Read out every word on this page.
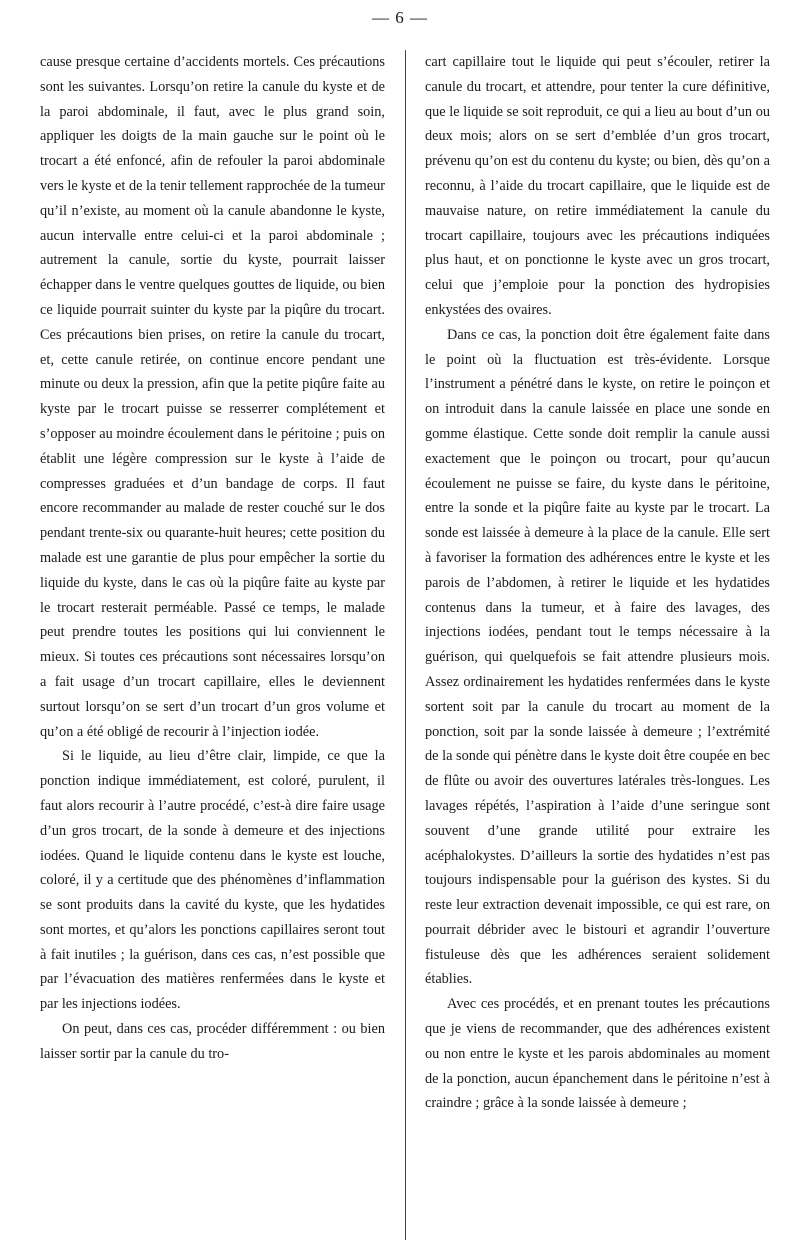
— 6 —

cause presque certaine d’accidents mortels. Ces précautions sont les suivantes. Lorsqu’on retire la canule du kyste et de la paroi abdominale, il faut, avec le plus grand soin, appliquer les doigts de la main gauche sur le point où le trocart a été enfoncé, afin de refouler la paroi abdominale vers le kyste et de la tenir tellement rapprochée de la tumeur qu’il n’existe, au moment où la canule abandonne le kyste, aucun intervalle entre celui-ci et la paroi abdominale ; autrement la canule, sortie du kyste, pourrait laisser échapper dans le ventre quelques gouttes de liquide, ou bien ce liquide pourrait suinter du kyste par la piqûre du trocart. Ces précautions bien prises, on retire la canule du trocart, et, cette canule retirée, on continue encore pendant une minute ou deux la pression, afin que la petite piqûre faite au kyste par le trocart puisse se resserrer complétement et s’opposer au moindre écoulement dans le péritoine ; puis on établit une légère compression sur le kyste à l’aide de compresses graduées et d’un bandage de corps. Il faut encore recommander au malade de rester couché sur le dos pendant trente-six ou quarante-huit heures; cette position du malade est une garantie de plus pour empêcher la sortie du liquide du kyste, dans le cas où la piqûre faite au kyste par le trocart resterait perméable. Passé ce temps, le malade peut prendre toutes les positions qui lui conviennent le mieux. Si toutes ces précautions sont nécessaires lorsqu’on a fait usage d’un trocart capillaire, elles le deviennent surtout lorsqu’on se sert d’un trocart d’un gros volume et qu’on a été obligé de recourir à l’injection iodée.

Si le liquide, au lieu d’être clair, limpide, ce que la ponction indique immédiatement, est coloré, purulent, il faut alors recourir à l’autre procédé, c’est-à dire faire usage d’un gros trocart, de la sonde à demeure et des injections iodées. Quand le liquide contenu dans le kyste est louche, coloré, il y a certitude que des phénomènes d’inflammation se sont produits dans la cavité du kyste, que les hydatides sont mortes, et qu’alors les ponctions capillaires seront tout à fait inutiles ; la guérison, dans ces cas, n’est possible que par l’évacuation des matières renfermées dans le kyste et par les injections iodées.

On peut, dans ces cas, procéder différemment : ou bien laisser sortir par la canule du tro-

cart capillaire tout le liquide qui peut s’écouler, retirer la canule du trocart, et attendre, pour tenter la cure définitive, que le liquide se soit reproduit, ce qui a lieu au bout d’un ou deux mois; alors on se sert d’emblée d’un gros trocart, prévenu qu’on est du contenu du kyste; ou bien, dès qu’on a reconnu, à l’aide du trocart capillaire, que le liquide est de mauvaise nature, on retire immédiatement la canule du trocart capillaire, toujours avec les précautions indiquées plus haut, et on ponctionne le kyste avec un gros trocart, celui que j’emploie pour la ponction des hydropisies enkystées des ovaires.

Dans ce cas, la ponction doit être également faite dans le point où la fluctuation est très-évidente. Lorsque l’instrument a pénétré dans le kyste, on retire le poinçon et on introduit dans la canule laissée en place une sonde en gomme élastique. Cette sonde doit remplir la canule aussi exactement que le poinçon ou trocart, pour qu’aucun écoulement ne puisse se faire, du kyste dans le péritoine, entre la sonde et la piqûre faite au kyste par le trocart. La sonde est laissée à demeure à la place de la canule. Elle sert à favoriser la formation des adhérences entre le kyste et les parois de l’abdomen, à retirer le liquide et les hydatides contenus dans la tumeur, et à faire des lavages, des injections iodées, pendant tout le temps nécessaire à la guérison, qui quelquefois se fait attendre plusieurs mois. Assez ordinairement les hydatides renfermées dans le kyste sortent soit par la canule du trocart au moment de la ponction, soit par la sonde laissée à demeure ; l’extrémité de la sonde qui pénètre dans le kyste doit être coupée en bec de flûte ou avoir des ouvertures latérales très-longues. Les lavages répétés, l’aspiration à l’aide d’une seringue sont souvent d’une grande utilité pour extraire les acéphalokystes. D’ailleurs la sortie des hydatides n’est pas toujours indispensable pour la guérison des kystes. Si du reste leur extraction devenait impossible, ce qui est rare, on pourrait débrider avec le bistouri et agrandir l’ouverture fistuleuse dès que les adhérences seraient solidement établies.

Avec ces procédés, et en prenant toutes les précautions que je viens de recommander, que des adhérences existent ou non entre le kyste et les parois abdominales au moment de la ponction, aucun épanchement dans le péritoine n’est à craindre ; grâce à la sonde laissée à demeure ;
